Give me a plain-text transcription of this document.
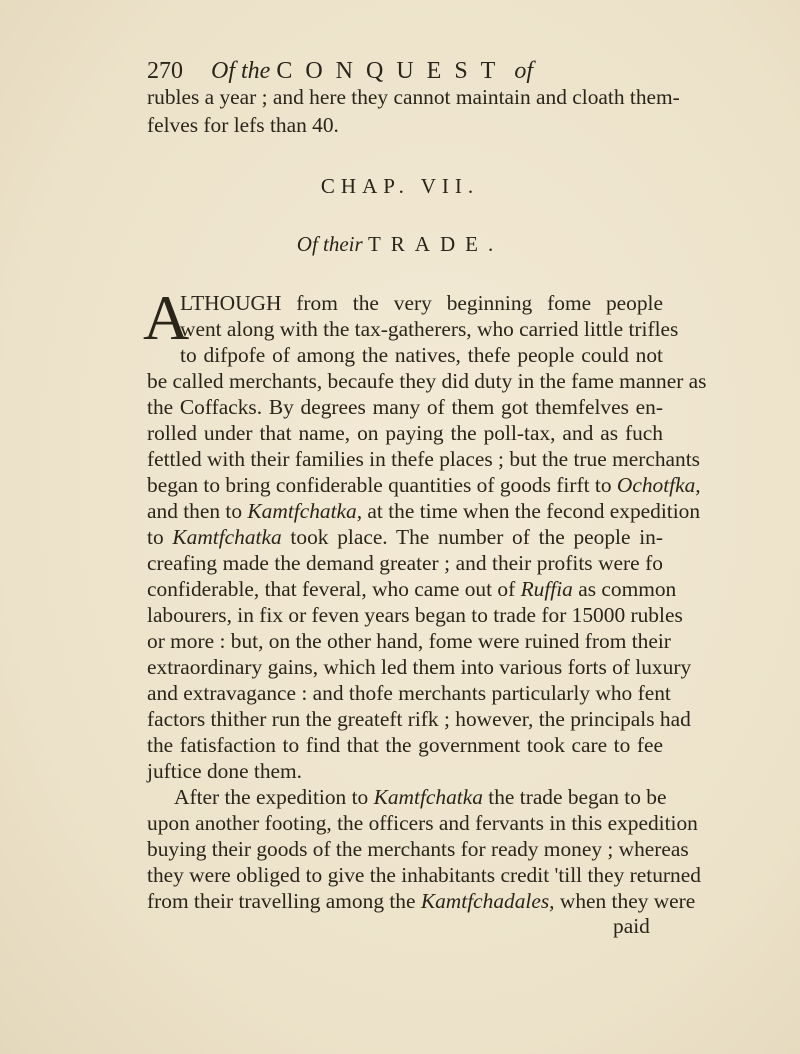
270 Of the CONQUEST of
rubles a year ; and here they cannot maintain and cloath them-
felves for lefs than 40.
CHAP. VII.
Of their TRADE.
A
LTHOUGH from the very beginning fome people
went along with the tax-gatherers, who carried little trifles
to difpofe of among the natives, thefe people could not
be called merchants, becaufe they did duty in the fame manner as
the Coffacks. By degrees many of them got themfelves en-
rolled under that name, on paying the poll-tax, and as fuch
fettled with their families in thefe places ; but the true merchants
began to bring confiderable quantities of goods firft to Ochotfka,
and then to Kamtfchatka, at the time when the fecond expedition
to Kamtfchatka took place. The number of the people in-
creafing made the demand greater ; and their profits were fo
confiderable, that feveral, who came out of Ruffia as common
labourers, in fix or feven years began to trade for 15000 rubles
or more : but, on the other hand, fome were ruined from their
extraordinary gains, which led them into various forts of luxury
and extravagance : and thofe merchants particularly who fent
factors thither run the greateft rifk ; however, the principals had
the fatisfaction to find that the government took care to fee
juftice done them.
After the expedition to Kamtfchatka the trade began to be
upon another footing, the officers and fervants in this expedition
buying their goods of the merchants for ready money ; whereas
they were obliged to give the inhabitants credit 'till they returned
from their travelling among the Kamtfchadales, when they were
paid
